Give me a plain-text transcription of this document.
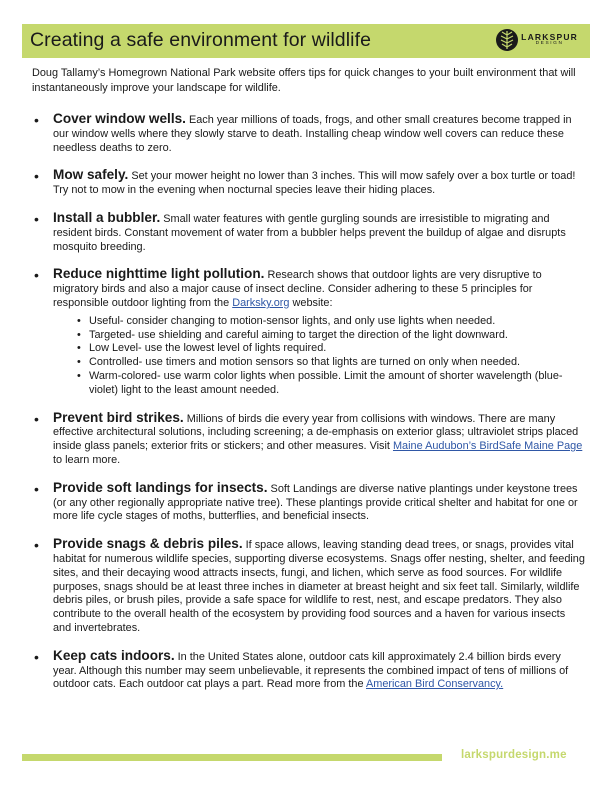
Creating a safe environment for wildlife	LARKSPUR
DESIGN
Doug Tallamy’s Homegrown National Park website offers tips for quick changes to your built environment that will instantaneously improve your landscape for wildlife.
• Cover window wells. Each year millions of toads, frogs, and other small creatures become trapped in our window wells where they slowly starve to death. Installing cheap window well covers can reduce these needless deaths to zero.
• Mow safely. Set your mower height no lower than 3 inches. This will mow safely over a box turtle or toad! Try not to mow in the evening when nocturnal species leave their hiding places.
• Install a bubbler. Small water features with gentle gurgling sounds are irresistible to migrating and resident birds. Constant movement of water from a bubbler helps prevent the buildup of algae and disrupts mosquito breeding.
• Reduce nighttime light pollution. Research shows that outdoor lights are very disruptive to migratory birds and also a major cause of insect decline. Consider adhering to these 5 principles for responsible outdoor lighting from the Darksky.org website:
• Useful- consider changing to motion-sensor lights, and only use lights when needed.
• Targeted- use shielding and careful aiming to target the direction of the light downward.
• Low Level- use the lowest level of lights required.
• Controlled- use timers and motion sensors so that lights are turned on only when needed.
• Warm-colored- use warm color lights when possible. Limit the amount of shorter wavelength (blue-violet) light to the least amount needed.
• Prevent bird strikes. Millions of birds die every year from collisions with windows. There are many effective architectural solutions, including screening; a de-emphasis on exterior glass; ultraviolet strips placed inside glass panels; exterior frits or stickers; and other measures. Visit Maine Audubon’s BirdSafe Maine Page to learn more.
• Provide soft landings for insects. Soft Landings are diverse native plantings under keystone trees (or any other regionally appropriate native tree). These plantings provide critical shelter and habitat for one or more life cycle stages of moths, butterflies, and beneficial insects.
• Provide snags & debris piles. If space allows, leaving standing dead trees, or snags, provides vital habitat for numerous wildlife species, supporting diverse ecosystems. Snags offer nesting, shelter, and feeding sites, and their decaying wood attracts insects, fungi, and lichen, which serve as food sources. For wildlife purposes, snags should be at least three inches in diameter at breast height and six feet tall. Similarly, wildlife debris piles, or brush piles, provide a safe space for wildlife to rest, nest, and escape predators. They also contribute to the overall health of the ecosystem by providing food sources and a haven for various insects and invertebrates.
• Keep cats indoors. In the United States alone, outdoor cats kill approximately 2.4 billion birds every year. Although this number may seem unbelievable, it represents the combined impact of tens of millions of outdoor cats. Each outdoor cat plays a part. Read more from the American Bird Conservancy.
larkspurdesign.me
